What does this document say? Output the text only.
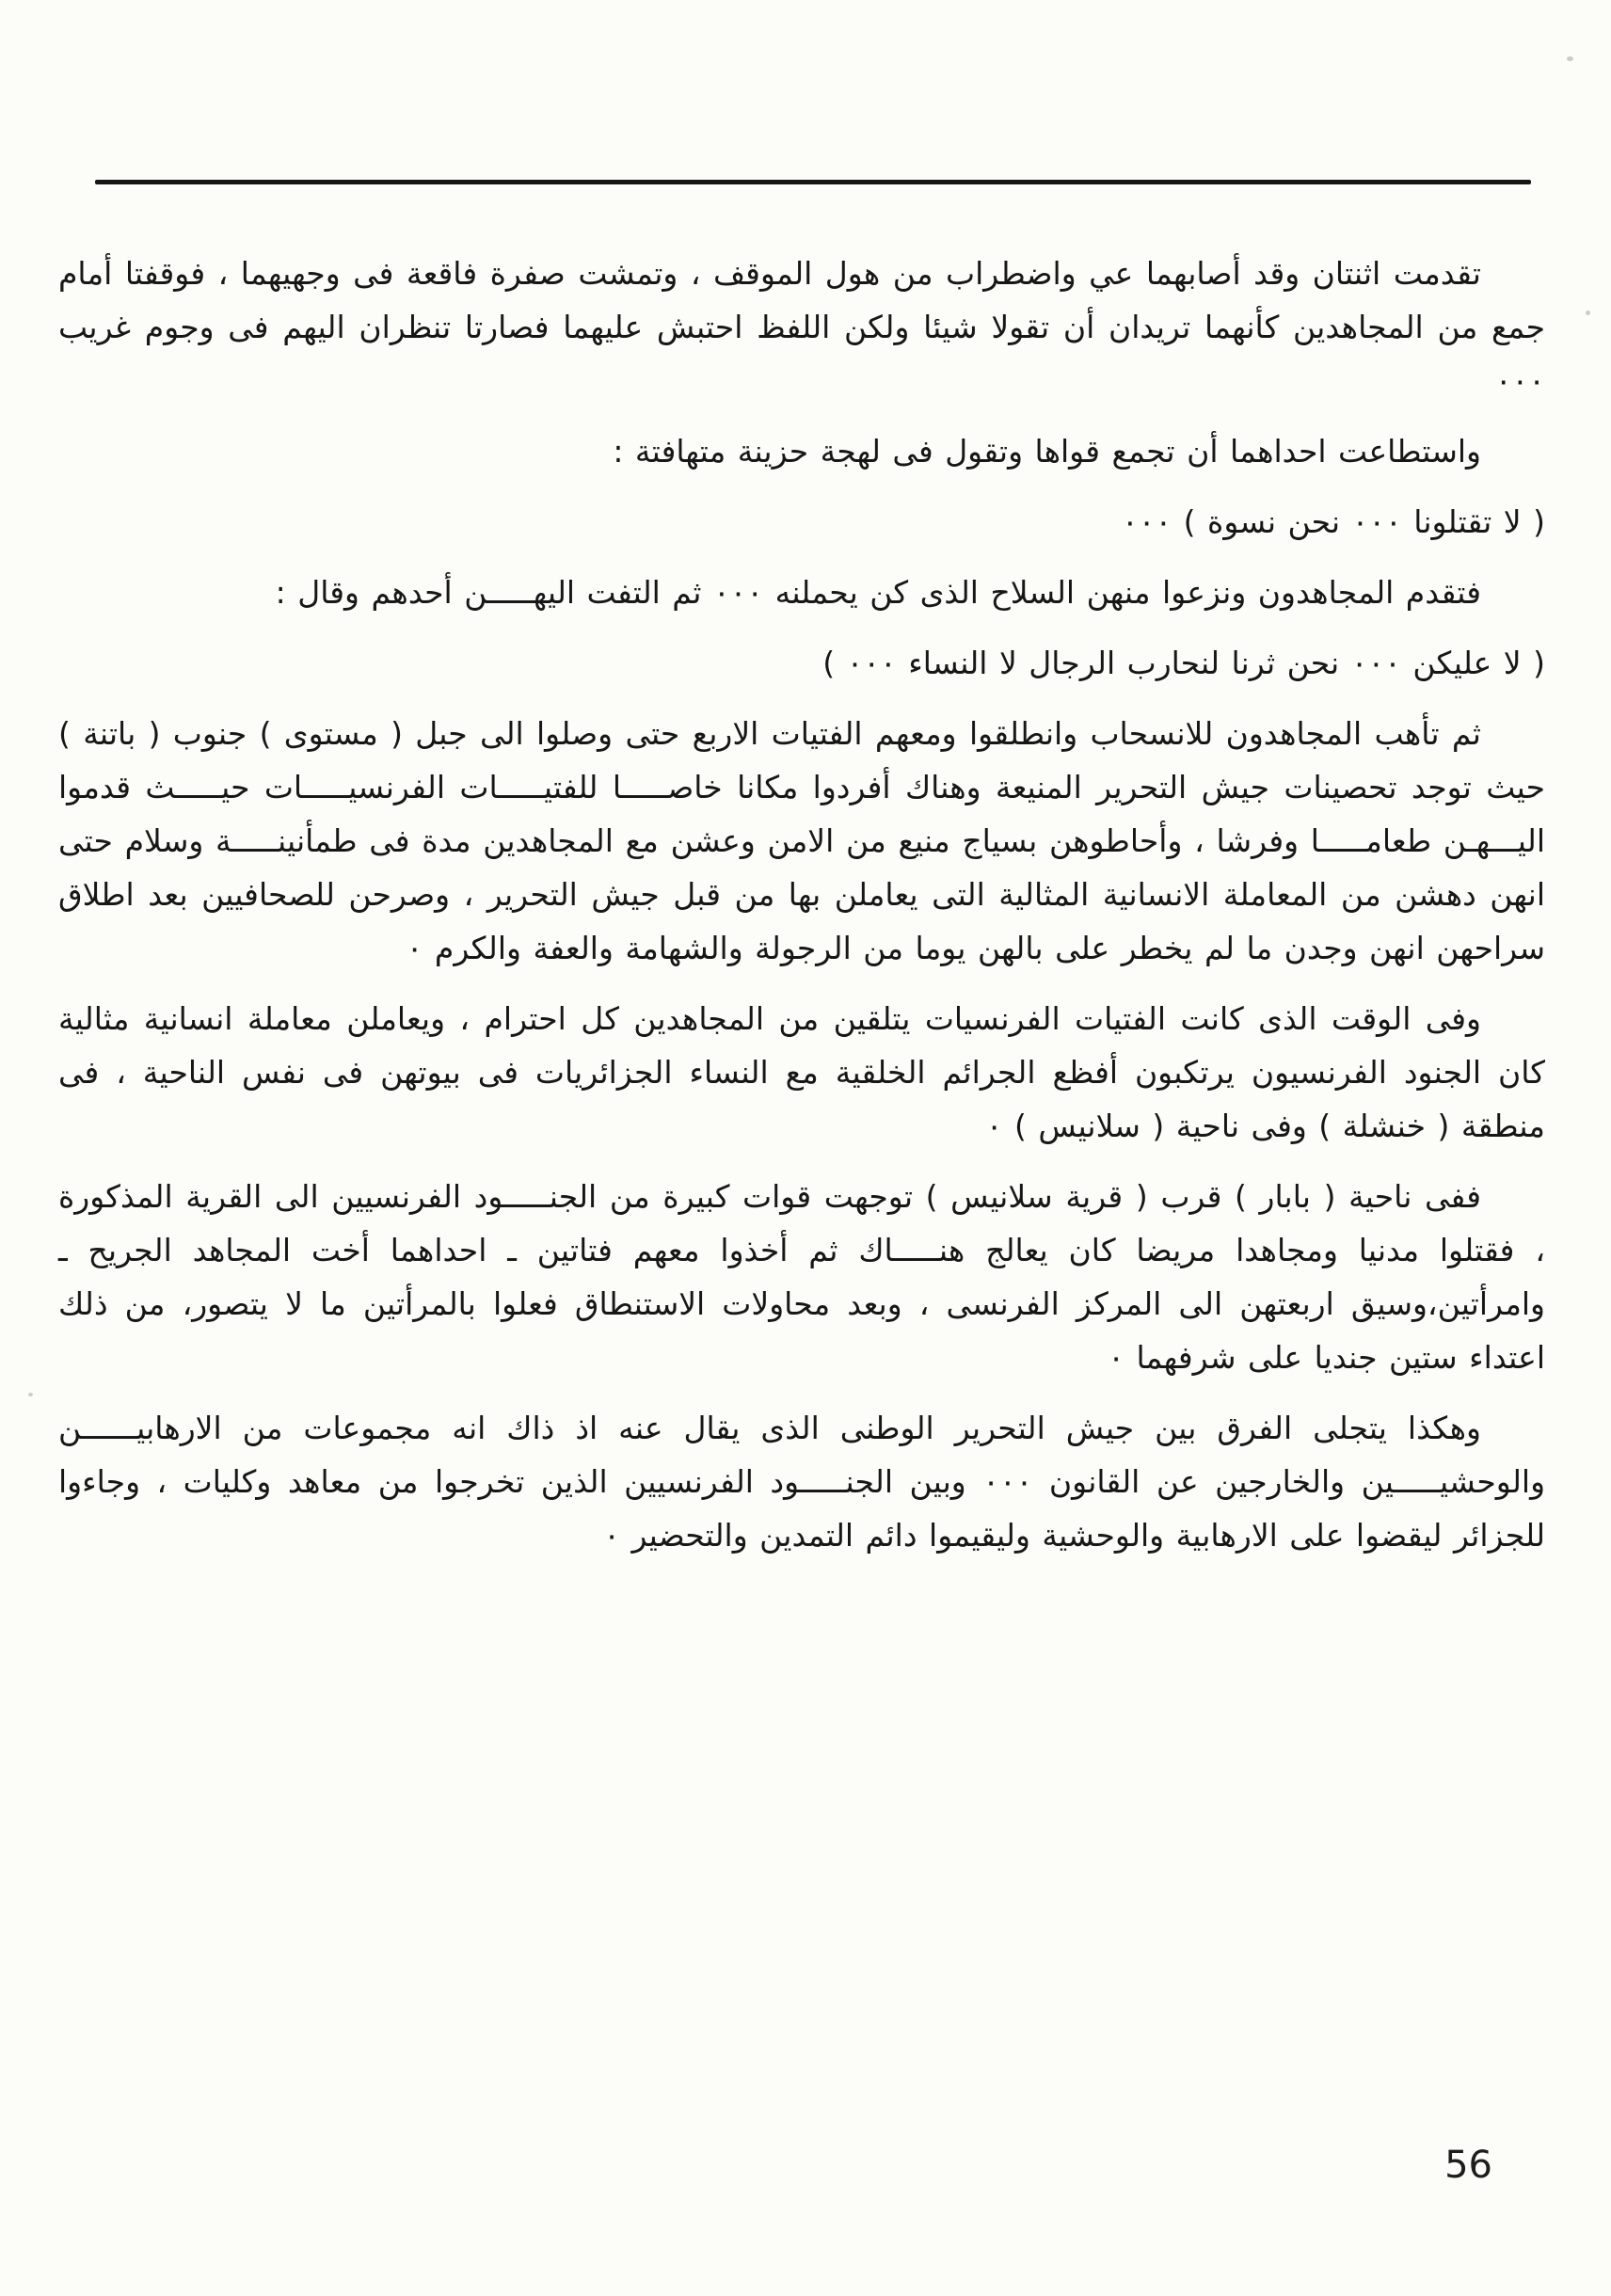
تقدمت اثنتان وقد أصابهما عي واضطراب من هول الموقف ، وتمشت صفرة فاقعة فى وجهيهما ، فوقفتا أمام جمع من المجاهدين كأنهما تريدان أن تقولا شيئا ولكن اللفظ احتبش عليهما فصارتا تنظران اليهم فى وجوم غريب ٠٠٠

واستطاعت احداهما أن تجمع قواها وتقول فى لهجة حزينة متهافتة :

( لا تقتلونا ٠٠٠ نحن نسوة ) ٠٠٠

فتقدم المجاهدون ونزعوا منهن السلاح الذى كن يحملنه ٠٠٠ ثم التفت اليهـــــن أحدهم وقال :

( لا عليكن ٠٠٠ نحن ثرنا لنحارب الرجال لا النساء ٠٠٠ )

ثم تأهب المجاهدون للانسحاب وانطلقوا ومعهم الفتيات الاربع حتى وصلوا الى جبل ( مستوى ) جنوب ( باتنة ) حيث توجد تحصينات جيش التحرير المنيعة وهناك أفردوا مكانا خاصـــــا للفتيـــــات الفرنسيـــــات حيـــــث قدموا اليـــهـن طعامـــــا وفرشا ، وأحاطوهن بسياج منيع من الامن وعشن مع المجاهدين مدة فى طمأنينـــــة وسلام حتى انهن دهشن من المعاملة الانسانية المثالية التى يعاملن بها من قبل جيش التحرير ، وصرحن للصحافيين بعد اطلاق سراحهن انهن وجدن ما لم يخطر على بالهن يوما من الرجولة والشهامة والعفة والكرم ٠

وفى الوقت الذى كانت الفتيات الفرنسيات يتلقين من المجاهدين كل احترام ، ويعاملن معاملة انسانية مثالية كان الجنود الفرنسيون يرتكبون أفظع الجرائم الخلقية مع النساء الجزائريات فى بيوتهن فى نفس الناحية ، فى منطقة ( خنشلة ) وفى ناحية ( سلانيس ) ٠

ففى ناحية ( بابار ) قرب ( قرية سلانيس ) توجهت قوات كبيرة من الجنـــــود الفرنسيين الى القرية المذكورة ، فقتلوا مدنيا ومجاهدا مريضا كان يعالج هنـــــاك ثم أخذوا معهم فتاتين ـ احداهما أخت المجاهد الجريح ـ وامرأتين،وسيق اربعتهن الى المركز الفرنسى ، وبعد محاولات الاستنطاق فعلوا بالمرأتين ما لا يتصور، من ذلك اعتداء ستين جنديا على شرفهما ٠

وهكذا يتجلى الفرق بين جيش التحرير الوطنى الذى يقال عنه اذ ذاك انه مجموعات من الارهابيــــــن والوحشيـــــين والخارجين عن القانون ٠٠٠ وبين الجنـــــود الفرنسيين الذين تخرجوا من معاهد وكليات ، وجاءوا للجزائر ليقضوا على الارهابية والوحشية وليقيموا دائم التمدين والتحضير ٠

56
